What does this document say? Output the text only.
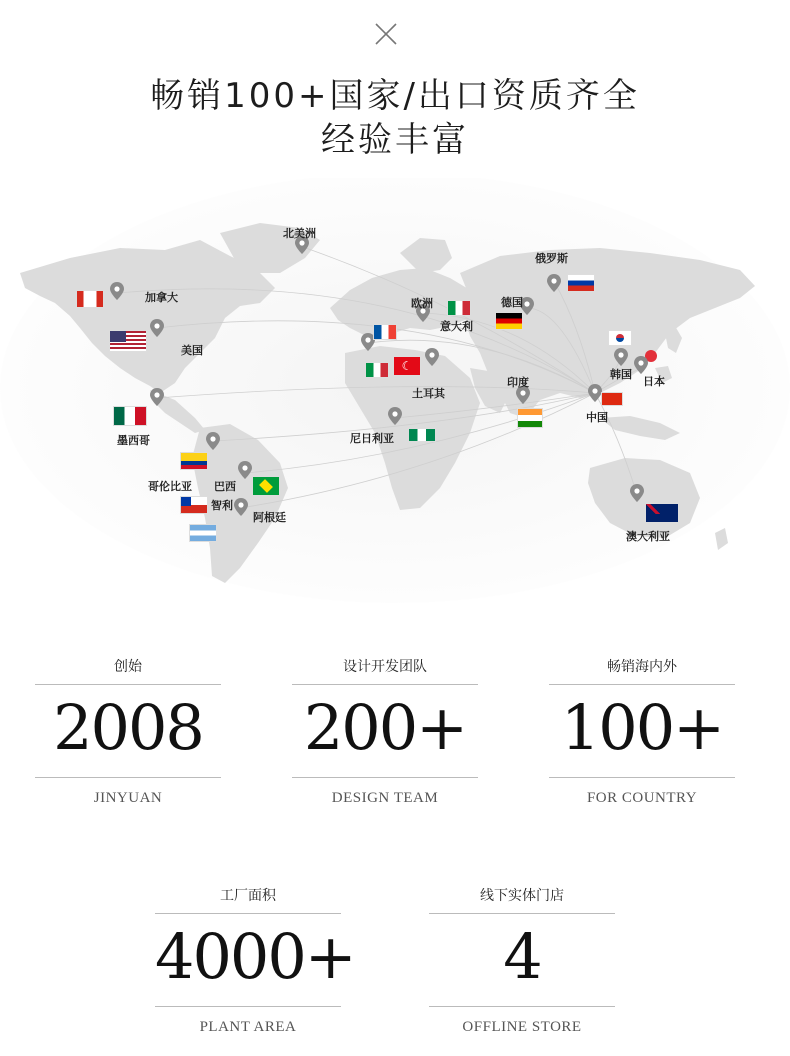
畅销100+国家/出口资质齐全
经验丰富
☾
北美洲
加拿大
美国
墨西哥
哥伦比亚 巴西
智利
阿根廷
欧洲
意大利
德国
俄罗斯
土耳其
尼日利亚
印度
中国
韩国
日本
澳大利亚
创始
2008
JINYUAN
设计开发团队
200+
DESIGN TEAM
畅销海内外
100+
FOR COUNTRY
工厂面积
4000+
PLANT AREA
线下实体门店
4
OFFLINE STORE
